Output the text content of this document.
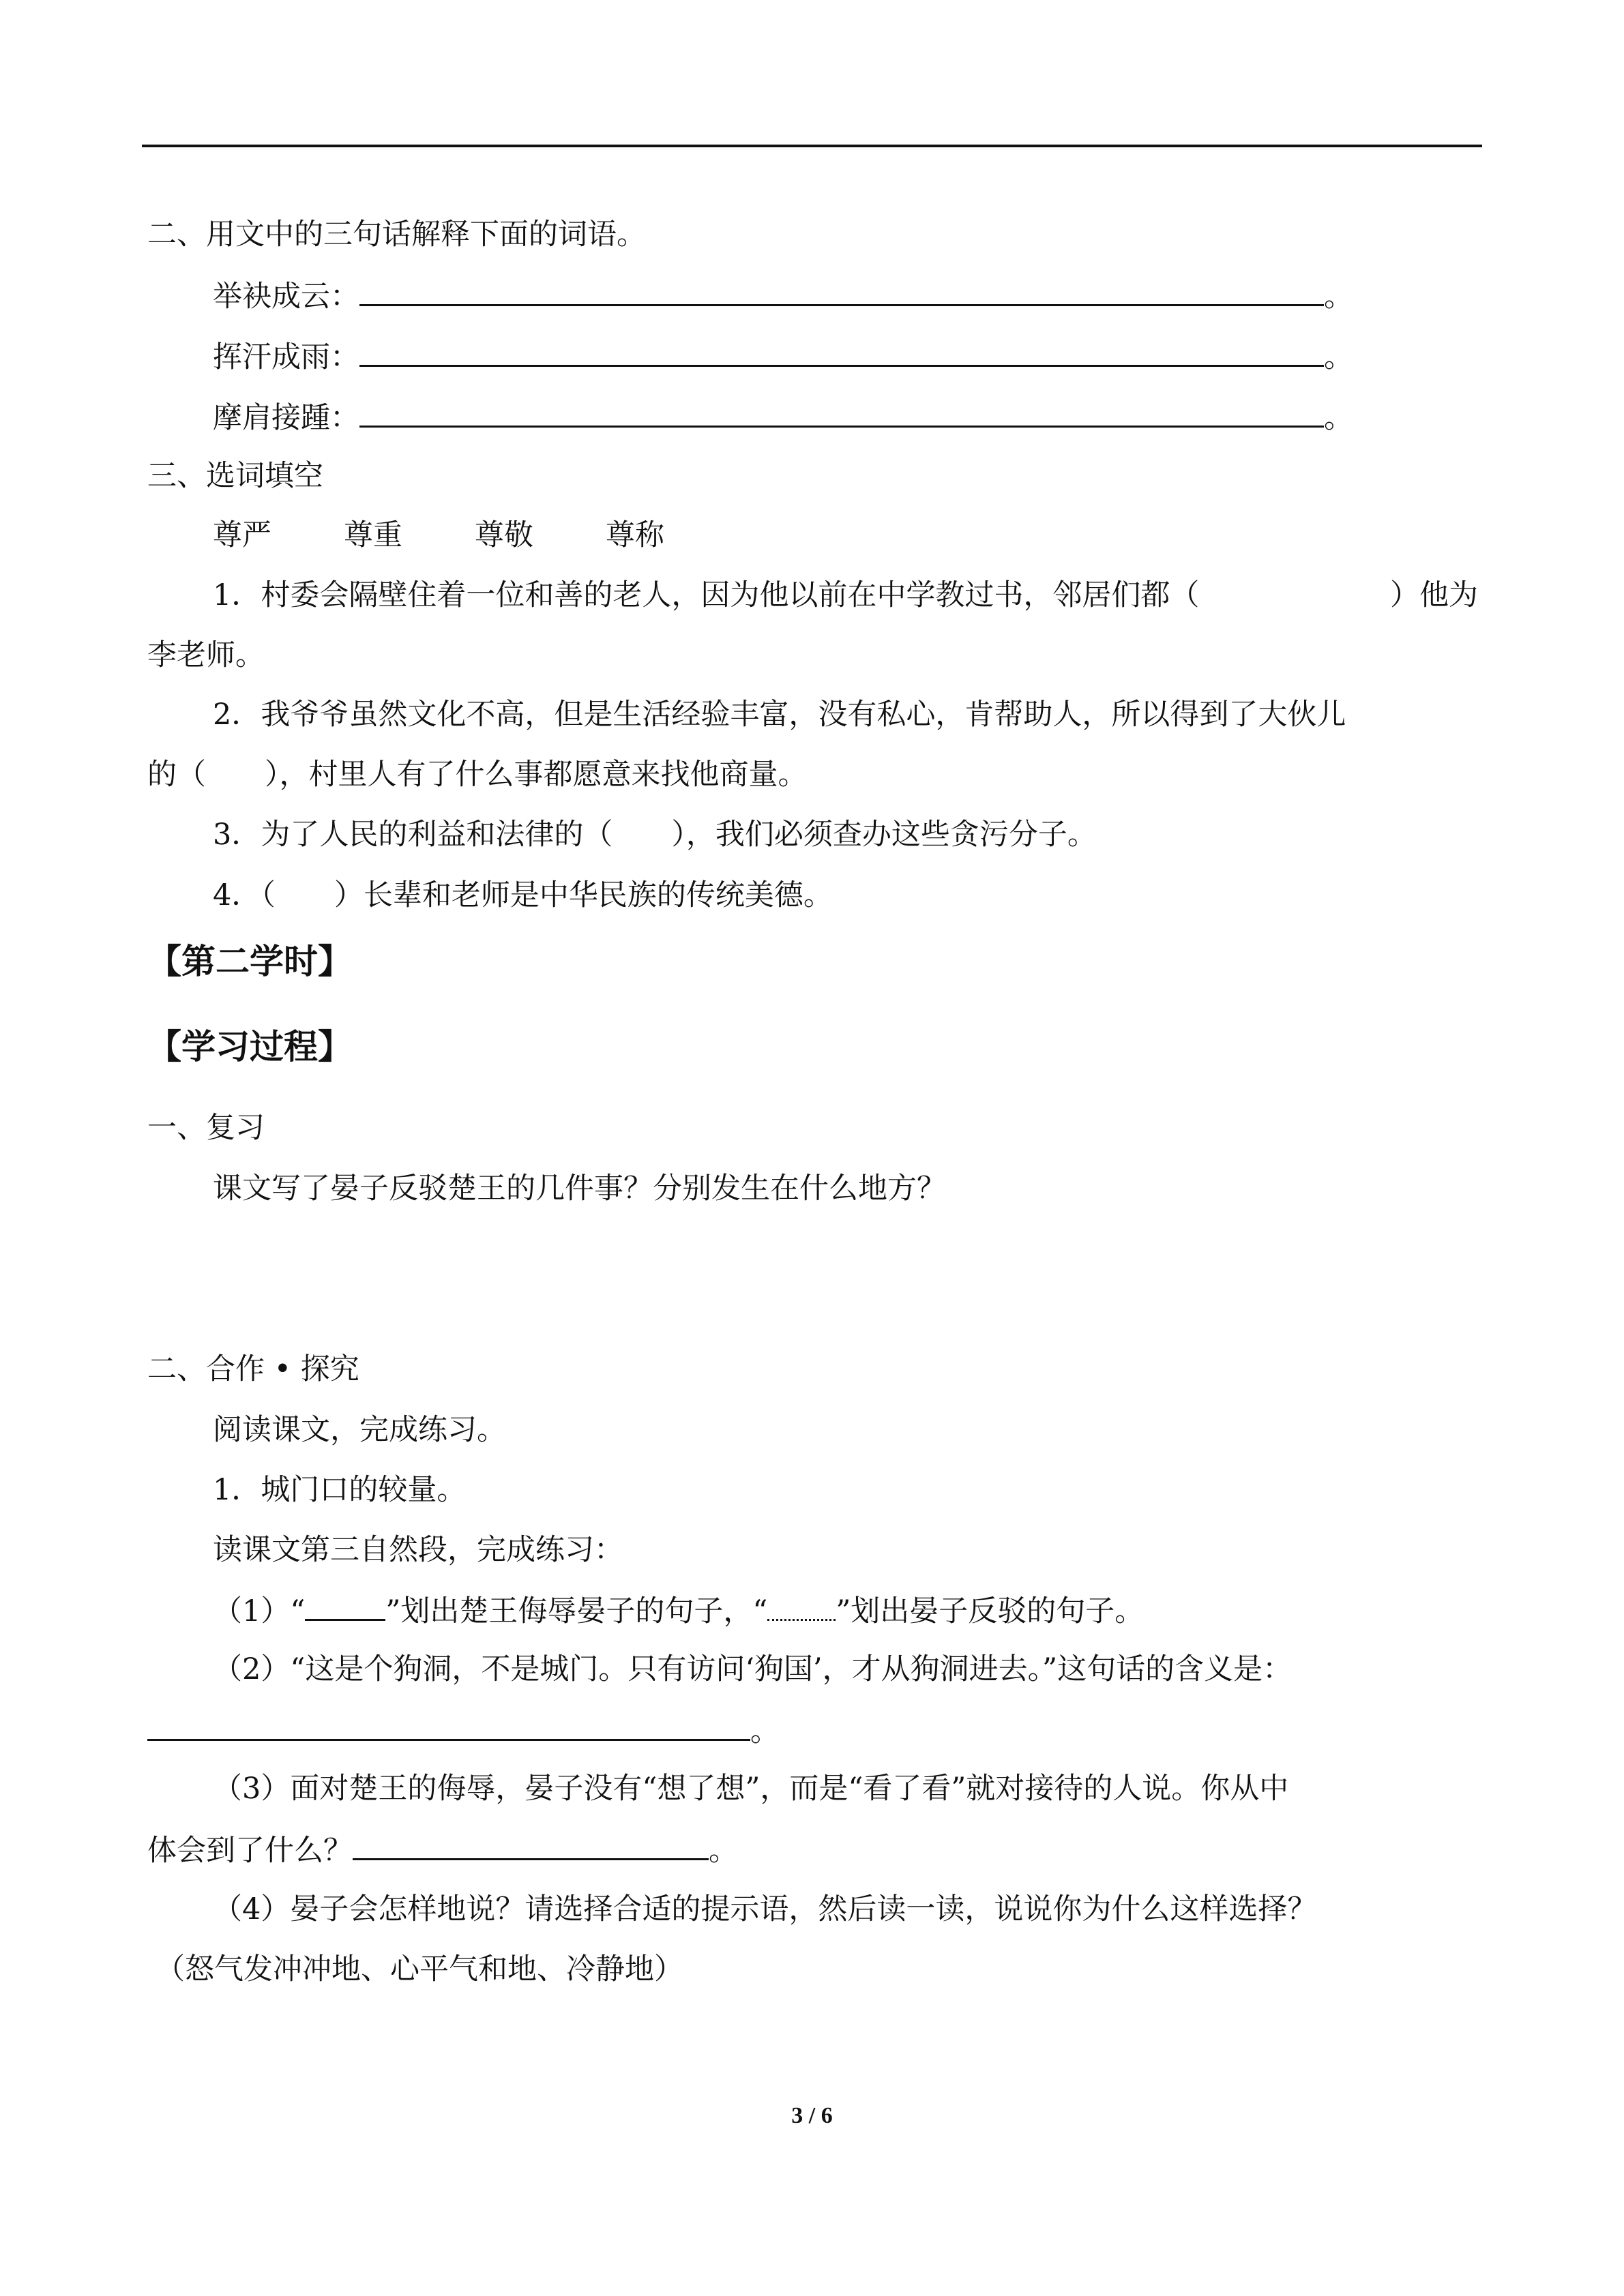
二、用文中的三句话解释下面的词语。
举袂成云：	。
挥汗成雨：	。
摩肩接踵：	。
三、选词填空
尊严 尊重 尊敬 尊称
1．村委会隔壁住着一位和善的老人，因为他以前在中学教过书，邻居们都（	）他为
李老师。
2．我爷爷虽然文化不高，但是生活经验丰富，没有私心，肯帮助人，所以得到了大伙儿
的（　　），村里人有了什么事都愿意来找他商量。
3．为了人民的利益和法律的（　　），我们必须查办这些贪污分子。
4．（　　）长辈和老师是中华民族的传统美德。
【第二学时】
【学习过程】
一、复习
课文写了晏子反驳楚王的几件事？分别发生在什么地方？
二、合作 • 探究
阅读课文，完成练习。
1．城门口的较量。
读课文第三自然段，完成练习：
（1）“	”划出楚王侮辱晏子的句子，“ ”划出晏子反驳的句子。
（2）“这是个狗洞，不是城门。只有访问‘狗国’，才从狗洞进去。”这句话的含义是：
。
（3）面对楚王的侮辱，晏子没有“想了想”，而是“看了看”就对接待的人说。你从中
体会到了什么？	。
（4）晏子会怎样地说？请选择合适的提示语，然后读一读，说说你为什么这样选择？
（怒气发冲冲地、心平气和地、冷静地）
3 / 6
